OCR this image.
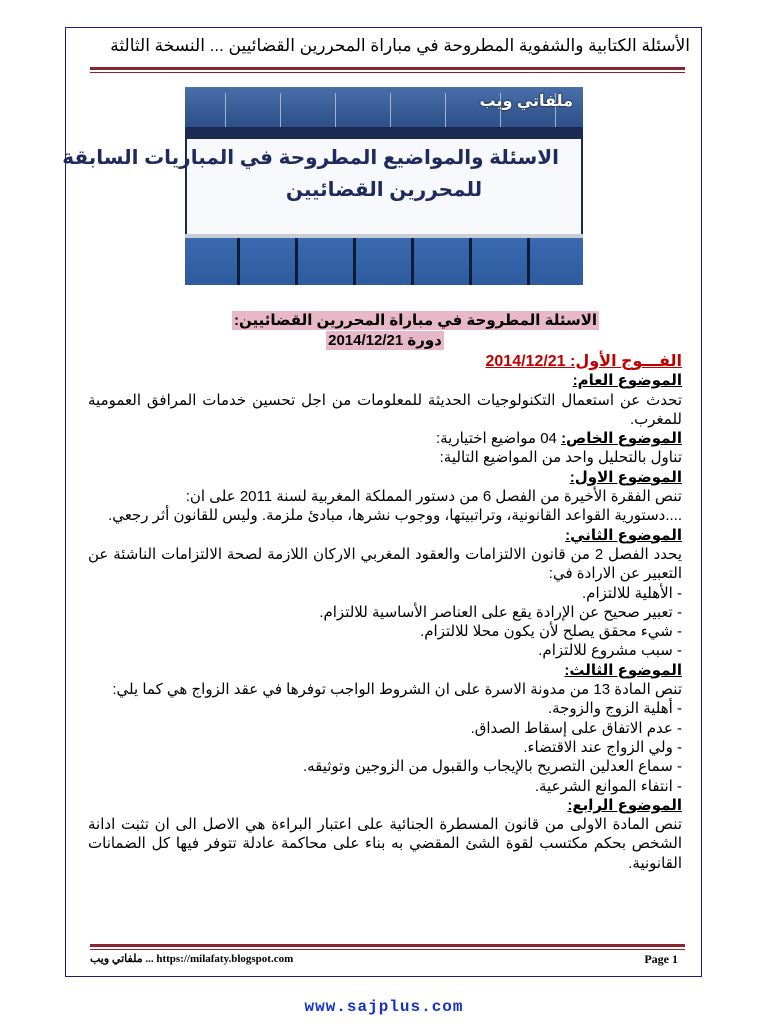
الأسئلة الكتابية والشفوية المطروحة في مباراة المحررين القضائيين ... النسخة الثالثة
ملفاتي ويب
الاسئلة والمواضيع المطروحة في المباريات السابقة
للمحررين القضائيين
الاسئلة المطروحة في مباراة المحررين القضائيين:
دورة 2014/12/21

الفـــوج الأول: 2014/12/21

الموضوع العام:

تحدث عن استعمال التكنولوجيات الحديثة للمعلومات من اجل تحسين خدمات المرافق العمومية للمغرب.

الموضوع الخاص: 04 مواضيع اختيارية:

تناول بالتحليل واحد من المواضيع التالية:

الموضوع الاول:

تنص الفقرة الأخيرة من الفصل 6 من دستور المملكة المغربية لسنة 2011 على ان:

....دستورية القواعد القانونية، وتراتبيتها، ووجوب نشرها، مبادئ ملزمة. وليس للقانون أثر رجعي.

الموضوع الثاني:

يحدد الفصل 2 من قانون الالتزامات والعقود المغربي الاركان اللازمة لصحة الالتزامات الناشئة عن التعبير عن الارادة في:

- الأهلية للالتزام.

- تعبير صحيح عن الإرادة يقع على العناصر الأساسية للالتزام.

- شيء محقق يصلح لأن يكون محلا للالتزام.

- سبب مشروع للالتزام.

الموضوع الثالث:

تنص المادة 13 من مدونة الاسرة على ان الشروط الواجب توفرها في عقد الزواج هي كما يلي:

- أهلية الزوج والزوجة.

- عدم الاتفاق على إسقاط الصداق.

- ولي الزواج عند الاقتضاء.

- سماع العدلين التصريح بالإيجاب والقبول من الزوجين وتوثيقه.

- انتفاء الموانع الشرعية.

الموضوع الرابع:

تنص المادة الاولى من قانون المسطرة الجنائية على اعتبار البراءة هي الاصل الى ان تثبت ادانة الشخص بحكم مكتسب لقوة الشئ المقضي به بناء على محاكمة عادلة تتوفر فيها كل الضمانات القانونية.

ملفاتي ويب ... https://milafaty.blogspot.com	Page 1
www.sajplus.com
